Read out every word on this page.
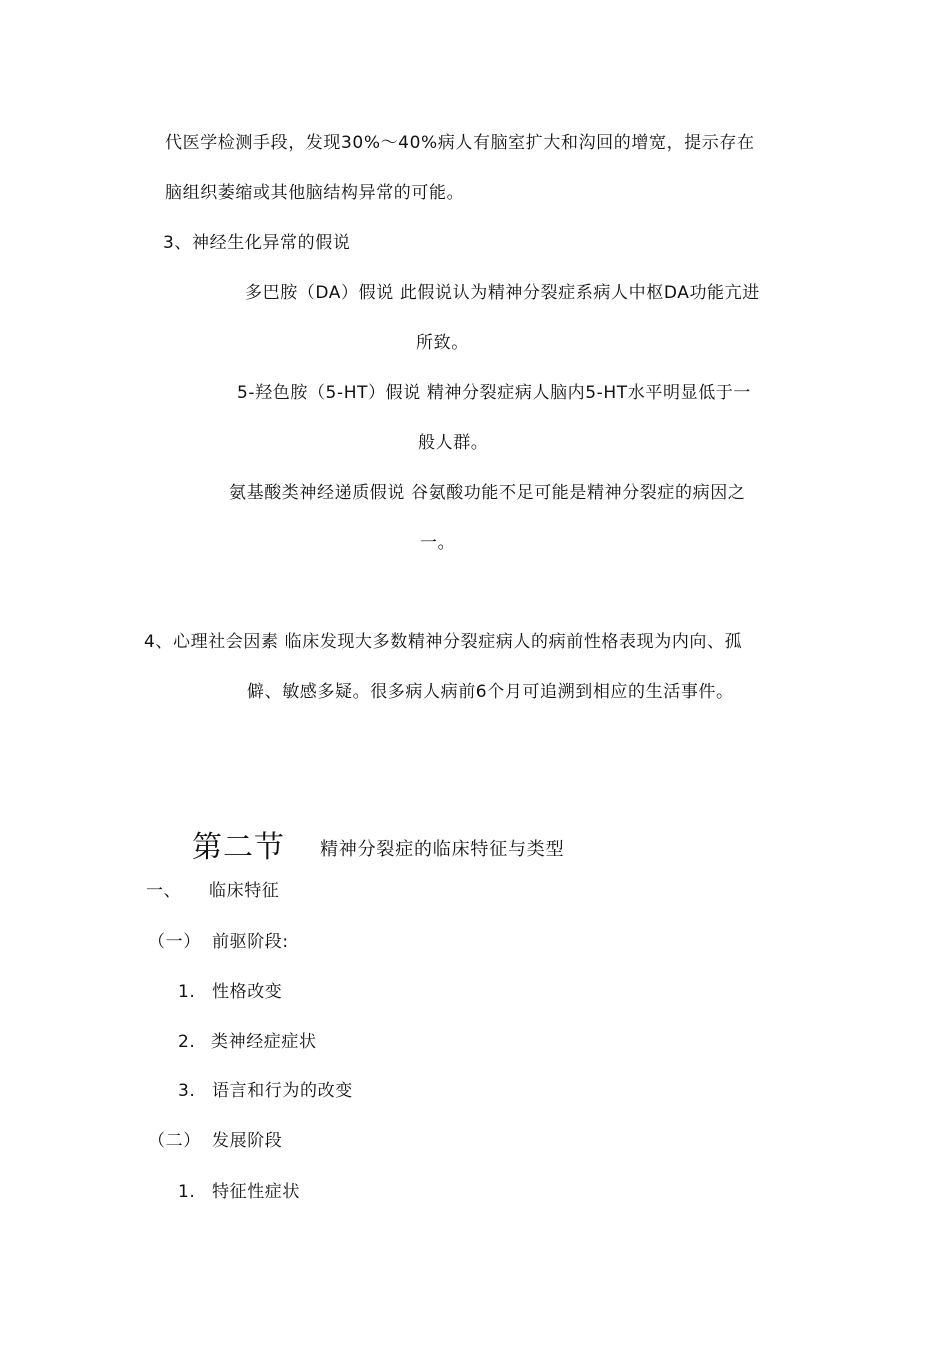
代医学检测手段，发现30%～40%病人有脑室扩大和沟回的增宽，提示存在
脑组织萎缩或其他脑结构异常的可能。
3、神经生化异常的假说
多巴胺（DA）假说 此假说认为精神分裂症系病人中枢DA功能亢进
所致。
5-羟色胺（5-HT）假说 精神分裂症病人脑内5-HT水平明显低于一
般人群。
氨基酸类神经递质假说 谷氨酸功能不足可能是精神分裂症的病因之
一。
4、心理社会因素 临床发现大多数精神分裂症病人的病前性格表现为内向、孤
僻、敏感多疑。很多病人病前6个月可追溯到相应的生活事件。
第二节 精神分裂症的临床特征与类型
一、 临床特征
（一） 前驱阶段:
1. 性格改变
2. 类神经症症状
3. 语言和行为的改变
（二） 发展阶段
1. 特征性症状
